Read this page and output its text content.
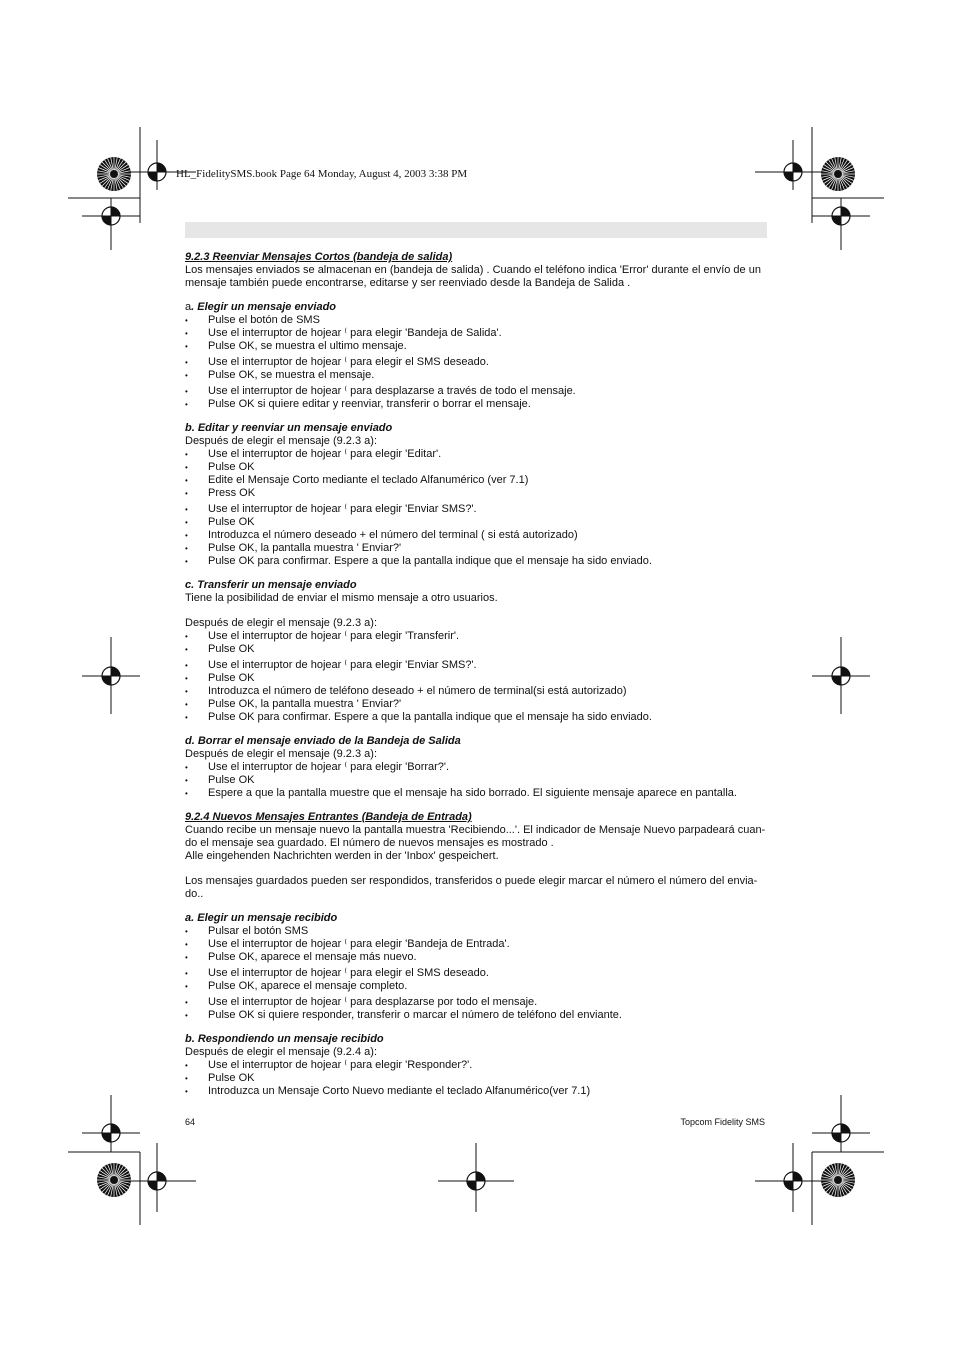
HL_FidelitySMS.book Page 64 Monday, August 4, 2003 3:38 PM

9.2.3 Reenviar Mensajes Cortos (bandeja de salida)

Los mensajes enviados se almacenan en (bandeja de salida) . Cuando el teléfono indica 'Error' durante el envío de un mensaje también puede encontrarse, editarse y ser reenviado desde la Bandeja de Salida .

a. Elegir un mensaje enviado

• Pulse el botón de SMS
• Use el interruptor de hojear ⁽ para elegir 'Bandeja de Salida'.
• Pulse OK, se muestra el ultimo mensaje.
• Use el interruptor de hojear ⁽ para elegir el SMS deseado.
• Pulse OK, se muestra el mensaje.
• Use el interruptor de hojear ⁽ para desplazarse a través de todo el mensaje.
• Pulse OK si quiere editar y reenviar, transferir o borrar el mensaje.

b. Editar y reenviar un mensaje enviado

Después de elegir el mensaje (9.2.3 a):

• Use el interruptor de hojear ⁽ para elegir 'Editar'.
• Pulse OK
• Edite el Mensaje Corto mediante el teclado Alfanumérico (ver 7.1)
• Press OK
• Use el interruptor de hojear ⁽ para elegir 'Enviar SMS?'.
• Pulse OK
• Introduzca el número deseado + el número del terminal ( si está autorizado)
• Pulse OK, la pantalla muestra ' Enviar?'
• Pulse OK para confirmar. Espere a que la pantalla indique que el mensaje ha sido enviado.

c. Transferir un mensaje enviado

Tiene la posibilidad de enviar el mismo mensaje a otro usuarios.

Después de elegir el mensaje (9.2.3 a):

• Use el interruptor de hojear ⁽ para elegir 'Transferir'.
• Pulse OK
• Use el interruptor de hojear ⁽ para elegir 'Enviar SMS?'.
• Pulse OK
• Introduzca el número de teléfono deseado + el número de terminal(si está autorizado)
• Pulse OK, la pantalla muestra ' Enviar?'
• Pulse OK para confirmar. Espere a que la pantalla indique que el mensaje ha sido enviado.

d. Borrar el mensaje enviado de la Bandeja de Salida

Después de elegir el mensaje (9.2.3 a):

• Use el interruptor de hojear ⁽ para elegir 'Borrar?'.
• Pulse OK
• Espere a que la pantalla muestre que el mensaje ha sido borrado. El siguiente mensaje aparece en pantalla.

9.2.4 Nuevos Mensajes Entrantes (Bandeja de Entrada)

Cuando recibe un mensaje nuevo la pantalla muestra 'Recibiendo...'. El indicador de Mensaje Nuevo parpadeará cuan-do el mensaje sea guardado. El número de nuevos mensajes es mostrado .

Alle eingehenden Nachrichten werden in der 'Inbox' gespeichert.

Los mensajes guardados pueden ser respondidos, transferidos o puede elegir marcar el número el número del envia-do..

a. Elegir un mensaje recibido

• Pulsar el botón SMS
• Use el interruptor de hojear ⁽ para elegir 'Bandeja de Entrada'.
• Pulse OK, aparece el mensaje más nuevo.
• Use el interruptor de hojear ⁽ para elegir el SMS deseado.
• Pulse OK, aparece el mensaje completo.
• Use el interruptor de hojear ⁽ para desplazarse por todo el mensaje.
• Pulse OK si quiere responder, transferir o marcar el número de teléfono del enviante.

b. Respondiendo un mensaje recibido

Después de elegir el mensaje (9.2.4 a):

• Use el interruptor de hojear ⁽ para elegir 'Responder?'.
• Pulse OK
• Introduzca un Mensaje Corto Nuevo mediante el teclado Alfanumérico(ver 7.1)
64	Topcom Fidelity SMS
